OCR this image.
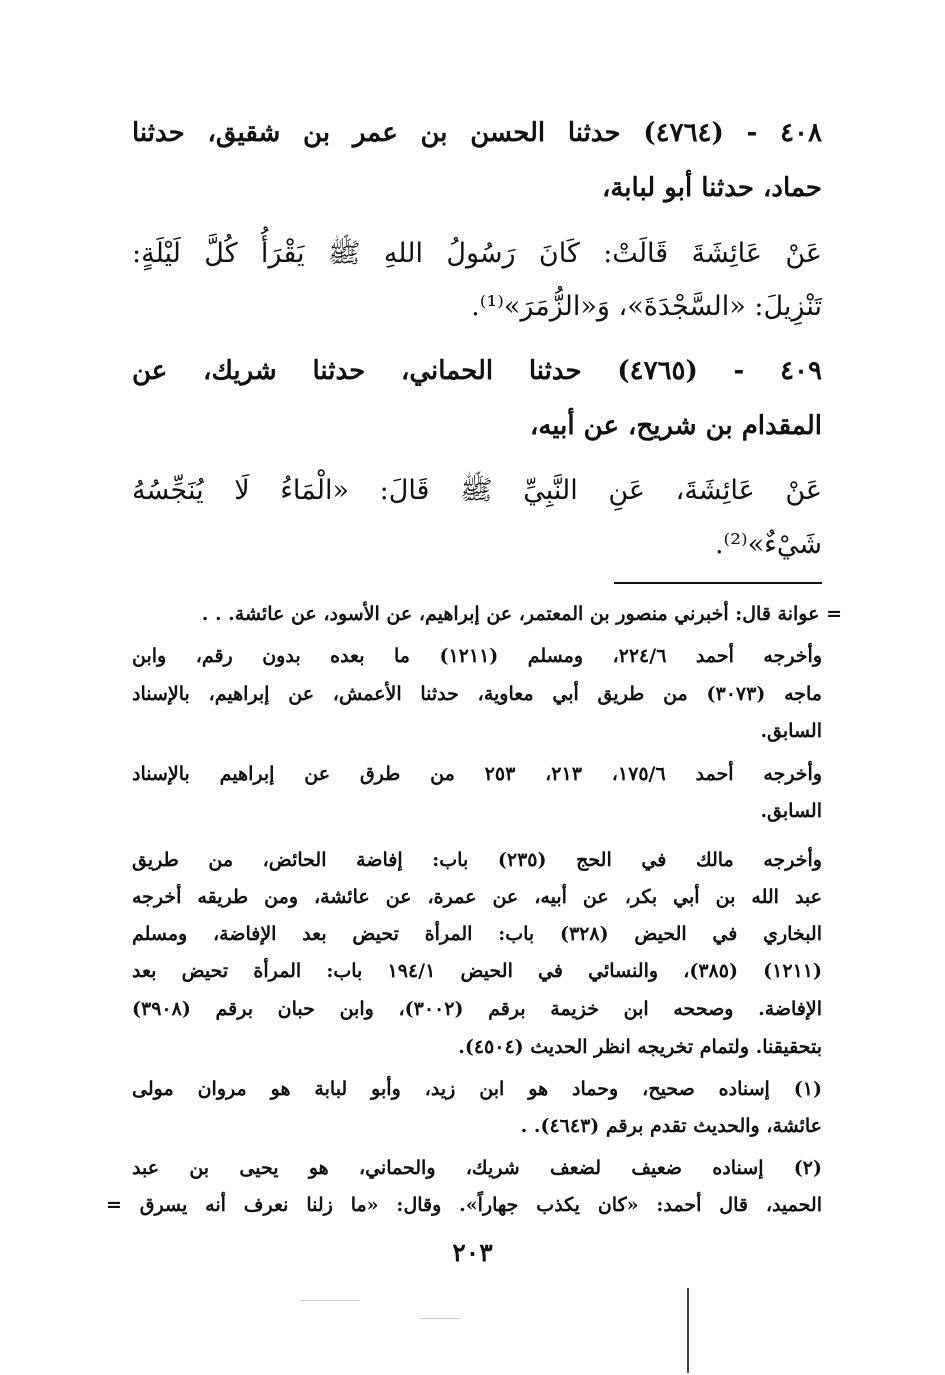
٤٠٨ - (٤٧٦٤) حدثنا الحسن بن عمر بن شقيق، حدثنا
حماد، حدثنا أبو لبابة،
عَنْ عَائِشَةَ قَالَتْ: كَانَ رَسُولُ اللهِ ﷺ يَقْرَأُ كُلَّ لَيْلَةٍ:
تَنْزِيلَ: «السَّجْدَةَ»، وَ«الزُّمَرَ»⁽¹⁾.
٤٠٩ - (٤٧٦٥) حدثنا الحماني، حدثنا شريك، عن
المقدام بن شريح، عن أبيه،
عَنْ عَائِشَةَ، عَنِ النَّبِيِّ ﷺ قَالَ: «الْمَاءُ لَا يُنَجِّسُهُ
شَيْءٌ»⁽²⁾.
= عوانة قال: أخبرني منصور بن المعتمر، عن إبراهيم، عن الأسود، عن عائشة. . .
وأخرجه أحمد ٢٢٤/٦، ومسلم (١٢١١) ما بعده بدون رقم، وابن
ماجه (٣٠٧٣) من طريق أبي معاوية، حدثنا الأعمش، عن إبراهيم، بالإسناد
السابق.
وأخرجه أحمد ١٧٥/٦، ٢١٣، ٢٥٣ من طرق عن إبراهيم بالإسناد
السابق.
وأخرجه مالك في الحج (٢٣٥) باب: إفاضة الحائض، من طريق
عبد الله بن أبي بكر، عن أبيه، عن عمرة، عن عائشة، ومن طريقه أخرجه
البخاري في الحيض (٣٢٨) باب: المرأة تحيض بعد الإفاضة، ومسلم
(١٢١١) (٣٨٥)، والنسائي في الحيض ١٩٤/١ باب: المرأة تحيض بعد
الإفاضة. وصححه ابن خزيمة برقم (٣٠٠٢)، وابن حبان برقم (٣٩٠٨)
بتحقيقنا. ولتمام تخريجه انظر الحديث (٤٥٠٤).
(١) إسناده صحيح، وحماد هو ابن زيد، وأبو لبابة هو مروان مولى
عائشة، والحديث تقدم برقم (٤٦٤٣). .
(٢) إسناده ضعيف لضعف شريك، والحماني، هو يحيى بن عبد
الحميد، قال أحمد: «كان يكذب جهاراً». وقال: «ما زلنا نعرف أنه يسرق =
٢٠٣
